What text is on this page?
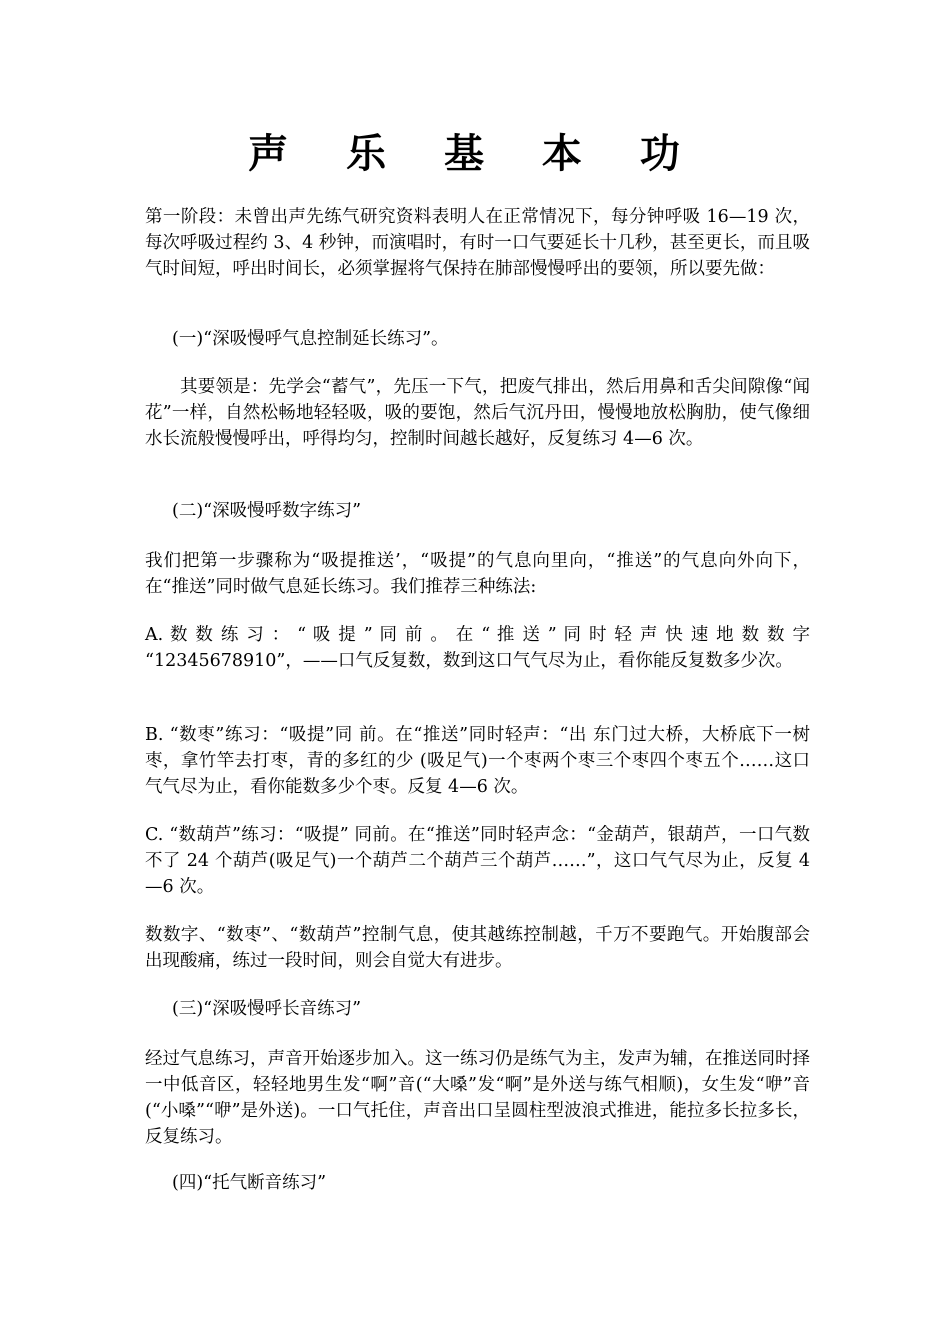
声 乐 基 本 功

第一阶段：未曾出声先练气研究资料表明人在正常情况下，每分钟呼吸 16—19 次，每次呼吸过程约 3、4 秒钟，而演唱时，有时一口气要延长十几秒，甚至更长，而且吸气时间短，呼出时间长，必须掌握将气保持在肺部慢慢呼出的要领，所以要先做：

(一)“深吸慢呼气息控制延长练习”。

其要领是：先学会“蓄气”，先压一下气，把废气排出，然后用鼻和舌尖间隙像“闻花”一样，自然松畅地轻轻吸，吸的要饱，然后气沉丹田，慢慢地放松胸肋，使气像细水长流般慢慢呼出，呼得均匀，控制时间越长越好，反复练习 4—6 次。

(二)“深吸慢呼数字练习”

我们把第一步骤称为“吸提推送’，“吸提”的气息向里向，“推送”的气息向外向下，在“推送”同时做气息延长练习。我们推荐三种练法:

A. 数 数 练 习 ： “ 吸 提 ” 同 前 。 在 “ 推 送 ” 同 时 轻 声 快 速 地 数 数 字 “12345678910”，——口气反复数，数到这口气气尽为止，看你能反复数多少次。

B. “数枣”练习：“吸提”同 前。在“推送”同时轻声：“出 东门过大桥，大桥底下一树枣，拿竹竿去打枣，青的多红的少 (吸足气)一个枣两个枣三个枣四个枣五个……这口气气尽为止，看你能数多少个枣。反复 4—6 次。

C. “数葫芦”练习：“吸提” 同前。在“推送”同时轻声念：“金葫芦，银葫芦，一口气数不了 24 个葫芦(吸足气)一个葫芦二个葫芦三个葫芦……”，这口气气尽为止，反复 4—6 次。

数数字、“数枣”、“数葫芦”控制气息，使其越练控制越，千万不要跑气。开始腹部会出现酸痛，练过一段时间，则会自觉大有进步。

(三)“深吸慢呼长音练习”

经过气息练习，声音开始逐步加入。这一练习仍是练气为主，发声为辅，在推送同时择一中低音区，轻轻地男生发“啊”音(“大嗓”发“啊”是外送与练气相顺)，女生发“咿”音(“小嗓”“咿”是外送)。一口气托住，声音出口呈圆柱型波浪式推进，能拉多长拉多长，反复练习。

(四)“托气断音练习”
